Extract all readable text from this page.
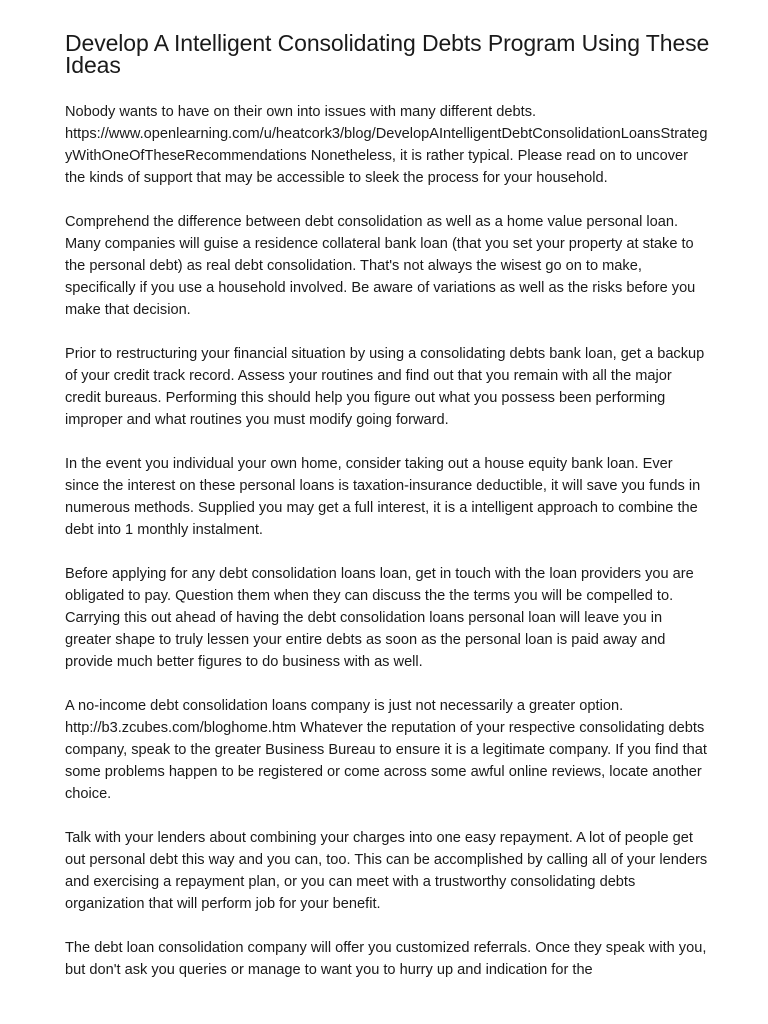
Develop A Intelligent Consolidating Debts Program Using These Ideas

Nobody wants to have on their own into issues with many different debts. https://www.openlearning.com/u/heatcork3/blog/DevelopAIntelligentDebtConsolidationLoansStrategyWithOneOfTheseRecommendations Nonetheless, it is rather typical. Please read on to uncover the kinds of support that may be accessible to sleek the process for your household.

Comprehend the difference between debt consolidation as well as a home value personal loan. Many companies will guise a residence collateral bank loan (that you set your property at stake to the personal debt) as real debt consolidation. That's not always the wisest go on to make, specifically if you use a household involved. Be aware of variations as well as the risks before you make that decision.

Prior to restructuring your financial situation by using a consolidating debts bank loan, get a backup of your credit track record. Assess your routines and find out that you remain with all the major credit bureaus. Performing this should help you figure out what you possess been performing improper and what routines you must modify going forward.

In the event you individual your own home, consider taking out a house equity bank loan. Ever since the interest on these personal loans is taxation-insurance deductible, it will save you funds in numerous methods. Supplied you may get a full interest, it is a intelligent approach to combine the debt into 1 monthly instalment.

Before applying for any debt consolidation loans loan, get in touch with the loan providers you are obligated to pay. Question them when they can discuss the the terms you will be compelled to. Carrying this out ahead of having the debt consolidation loans personal loan will leave you in greater shape to truly lessen your entire debts as soon as the personal loan is paid away and provide much better figures to do business with as well.

A no-income debt consolidation loans company is just not necessarily a greater option. http://b3.zcubes.com/bloghome.htm Whatever the reputation of your respective consolidating debts company, speak to the greater Business Bureau to ensure it is a legitimate company. If you find that some problems happen to be registered or come across some awful online reviews, locate another choice.

Talk with your lenders about combining your charges into one easy repayment. A lot of people get out personal debt this way and you can, too. This can be accomplished by calling all of your lenders and exercising a repayment plan, or you can meet with a trustworthy consolidating debts organization that will perform job for your benefit.

The debt loan consolidation company will offer you customized referrals. Once they speak with you, but don't ask you queries or manage to want you to hurry up and indication for the
